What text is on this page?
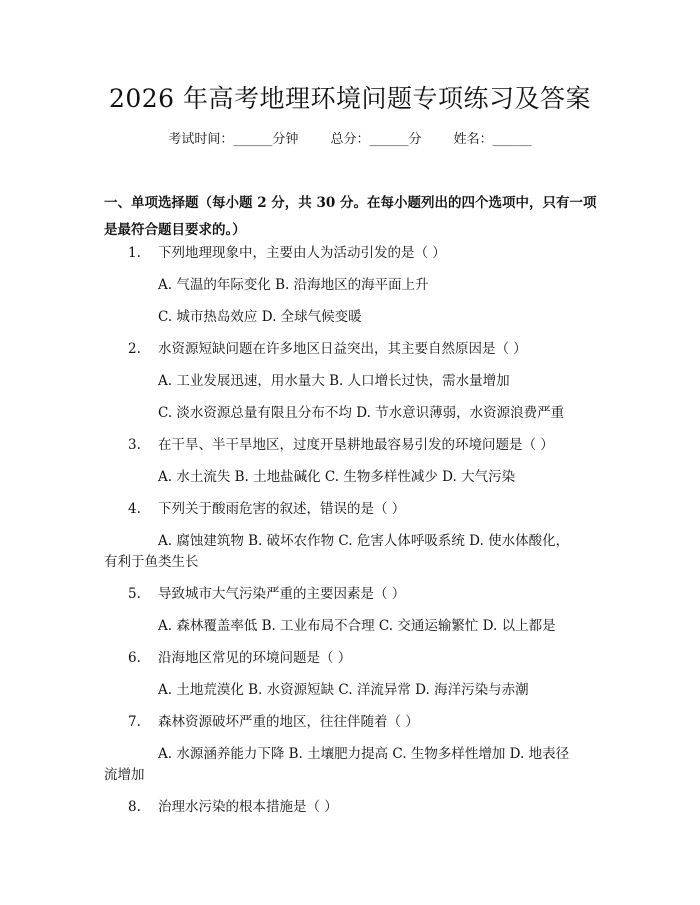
2026 年高考地理环境问题专项练习及答案
考试时间：______分钟 总分：______分 姓名：______
一、单项选择题（每小题 2 分，共 30 分。在每小题列出的四个选项中，只有一项是最符合题目要求的。）
1. 下列地理现象中，主要由人为活动引发的是（ ）
A. 气温的年际变化 B. 沿海地区的海平面上升
C. 城市热岛效应 D. 全球气候变暖
2. 水资源短缺问题在许多地区日益突出，其主要自然原因是（ ）
A. 工业发展迅速，用水量大 B. 人口增长过快，需水量增加
C. 淡水资源总量有限且分布不均 D. 节水意识薄弱，水资源浪费严重
3. 在干旱、半干旱地区，过度开垦耕地最容易引发的环境问题是（ ）
A. 水土流失 B. 土地盐碱化 C. 生物多样性减少 D. 大气污染
4. 下列关于酸雨危害的叙述，错误的是（ ）
A. 腐蚀建筑物 B. 破坏农作物 C. 危害人体呼吸系统 D. 使水体酸化，
有利于鱼类生长
5. 导致城市大气污染严重的主要因素是（ ）
A. 森林覆盖率低 B. 工业布局不合理 C. 交通运输繁忙 D. 以上都是
6. 沿海地区常见的环境问题是（ ）
A. 土地荒漠化 B. 水资源短缺 C. 洋流异常 D. 海洋污染与赤潮
7. 森林资源破坏严重的地区，往往伴随着（ ）
A. 水源涵养能力下降 B. 土壤肥力提高 C. 生物多样性增加 D. 地表径
流增加
8. 治理水污染的根本措施是（ ）
